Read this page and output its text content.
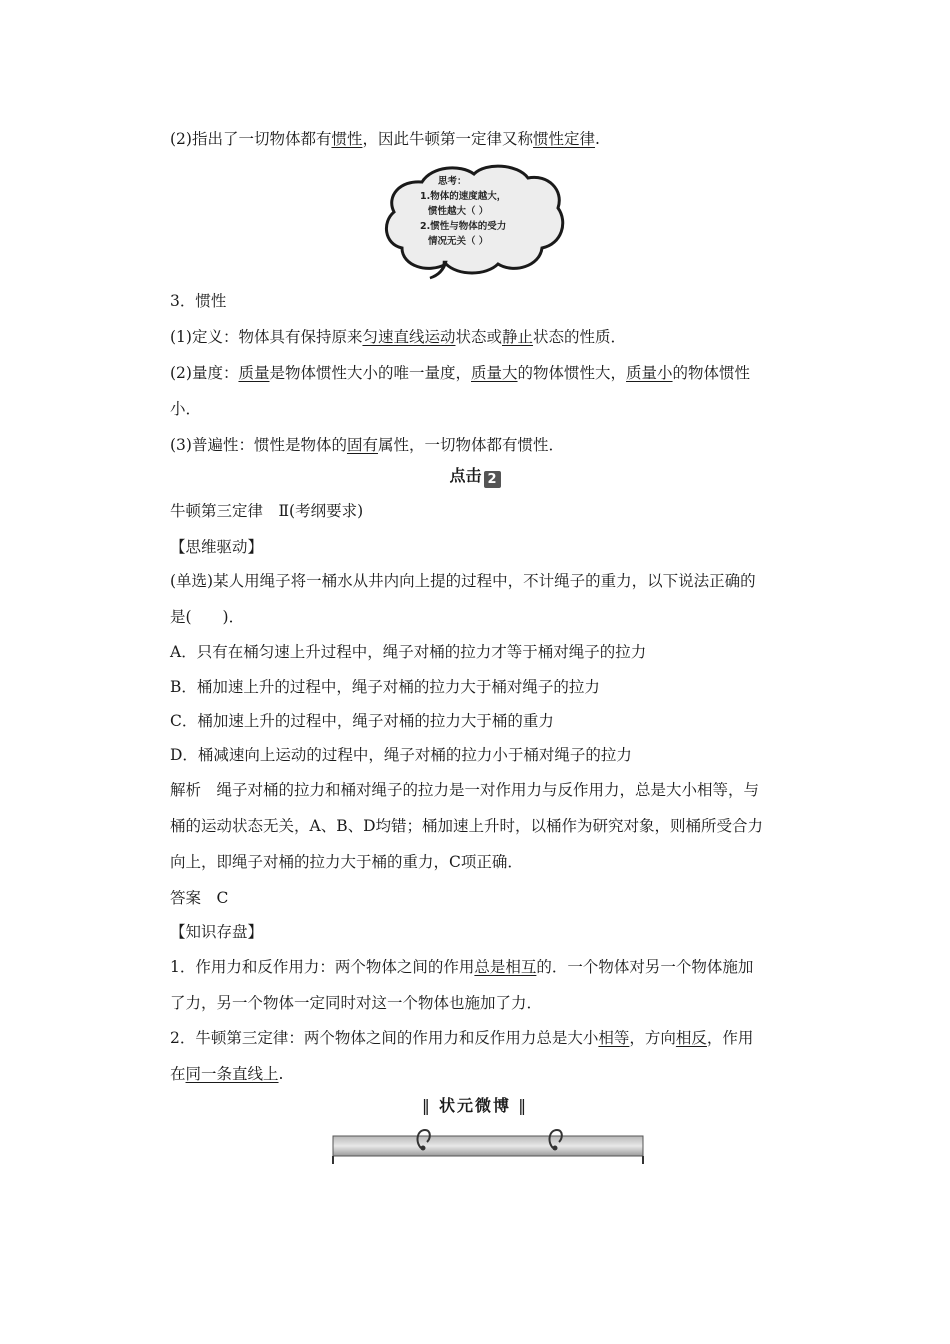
(2)指出了一切物体都有惯性，因此牛顿第一定律又称惯性定律.
思考：
1.物体的速度越大，
惯性越大（ ）
2.惯性与物体的受力
情况无关（ ）
3．惯性
(1)定义：物体具有保持原来匀速直线运动状态或静止状态的性质．
(2)量度：质量是物体惯性大小的唯一量度，质量大的物体惯性大，质量小的物体惯性
小．
(3)普遍性：惯性是物体的固有属性，一切物体都有惯性．
点击 2
牛顿第三定律　Ⅱ(考纲要求)
【思维驱动】
(单选)某人用绳子将一桶水从井内向上提的过程中，不计绳子的重力，以下说法正确的
是(　　)．
A．只有在桶匀速上升过程中，绳子对桶的拉力才等于桶对绳子的拉力
B．桶加速上升的过程中，绳子对桶的拉力大于桶对绳子的拉力
C．桶加速上升的过程中，绳子对桶的拉力大于桶的重力
D．桶减速向上运动的过程中，绳子对桶的拉力小于桶对绳子的拉力
解析　绳子对桶的拉力和桶对绳子的拉力是一对作用力与反作用力，总是大小相等，与
桶的运动状态无关，A、B、D均错；桶加速上升时，以桶作为研究对象，则桶所受合力
向上，即绳子对桶的拉力大于桶的重力，C项正确．
答案　C
【知识存盘】
1．作用力和反作用力：两个物体之间的作用总是相互的．一个物体对另一个物体施加
了力，另一个物体一定同时对这一个物体也施加了力．
2．牛顿第三定律：两个物体之间的作用力和反作用力总是大小相等，方向相反，作用
在同一条直线上.
‖ 状元微博 ‖
